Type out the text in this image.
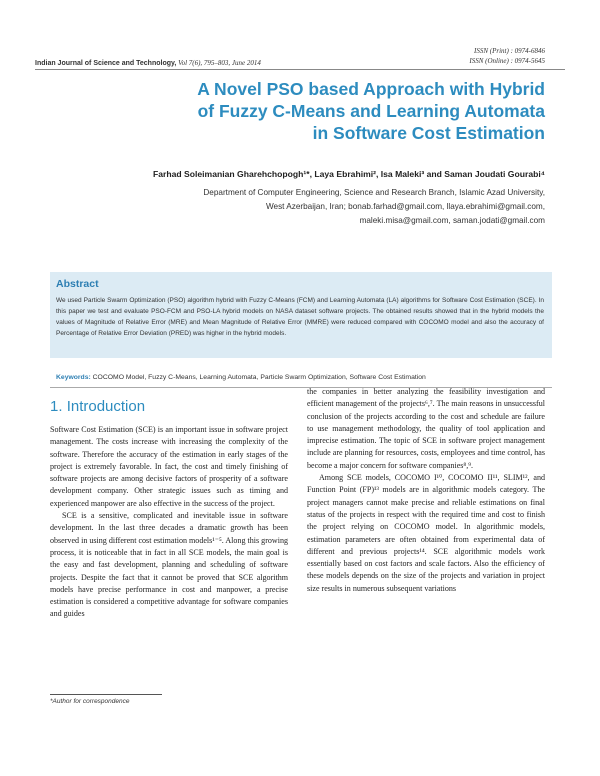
ISSN (Print) : 0974-6846
ISSN (Online) : 0974-5645
Indian Journal of Science and Technology, Vol 7(6), 795–803, June 2014
A Novel PSO based Approach with Hybrid
of Fuzzy C-Means and Learning Automata
in Software Cost Estimation
Farhad Soleimanian Gharehchopogh¹*, Laya Ebrahimi², Isa Maleki³ and Saman Joudati Gourabi⁴
Department of Computer Engineering, Science and Research Branch, Islamic Azad University,
West Azerbaijan, Iran; bonab.farhad@gmail.com, llaya.ebrahimi@gmail.com,
maleki.misa@gmail.com, saman.jodati@gmail.com
Abstract
We used Particle Swarm Optimization (PSO) algorithm hybrid with Fuzzy C-Means (FCM) and Learning Automata (LA) algorithms for Software Cost Estimation (SCE). In this paper we test and evaluate PSO-FCM and PSO-LA hybrid models on NASA dataset software projects. The obtained results showed that in the hybrid models the values of Magnitude of Relative Error (MRE) and Mean Magnitude of Relative Error (MMRE) were reduced compared with COCOMO model and also the accuracy of Percentage of Relative Error Deviation (PRED) was higher in the hybrid models.
Keywords: COCOMO Model, Fuzzy C-Means, Learning Automata, Particle Swarm Optimization, Software Cost Estimation
1. Introduction

Software Cost Estimation (SCE) is an important issue in software project management. The costs increase with increasing the complexity of the software. Therefore the accuracy of the estimation in early stages of the project is extremely favorable. In fact, the cost and timely finishing of software projects are among decisive factors of prosperity of a software development company. Other strategic issues such as timing and experienced manpower are also effective in the success of the project.

SCE is a sensitive, complicated and inevitable issue in software development. In the last three decades a dramatic growth has been observed in using different cost estimation models¹⁻⁵. Along this growing process, it is noticeable that in fact in all SCE models, the main goal is the easy and fast development, planning and scheduling of software projects. Despite the fact that it cannot be proved that SCE algorithm models have precise performance in cost and manpower, a precise estimation is considered a competitive advantage for software companies and guides

the companies in better analyzing the feasibility investigation and efficient management of the projects⁶,⁷. The main reasons in unsuccessful conclusion of the projects according to the cost and schedule are failure to use management methodology, the quality of tool application and imprecise estimation. The topic of SCE in software project management include are planning for resources, costs, employees and time control, has become a major concern for software companies⁸,⁹.

Among SCE models, COCOMO I¹⁰, COCOMO II¹¹, SLIM¹², and Function Point (FP)¹³ models are in algorithmic models category. The project managers cannot make precise and reliable estimations on final status of the projects in respect with the required time and cost to finish the project relying on COCOMO model. In algorithmic models, estimation parameters are often obtained from experimental data of different and previous projects¹⁴. SCE algorithmic models work essentially based on cost factors and scale factors. Also the efficiency of these models depends on the size of the projects and variation in project size results in numerous subsequent variations

*Author for correspondence
